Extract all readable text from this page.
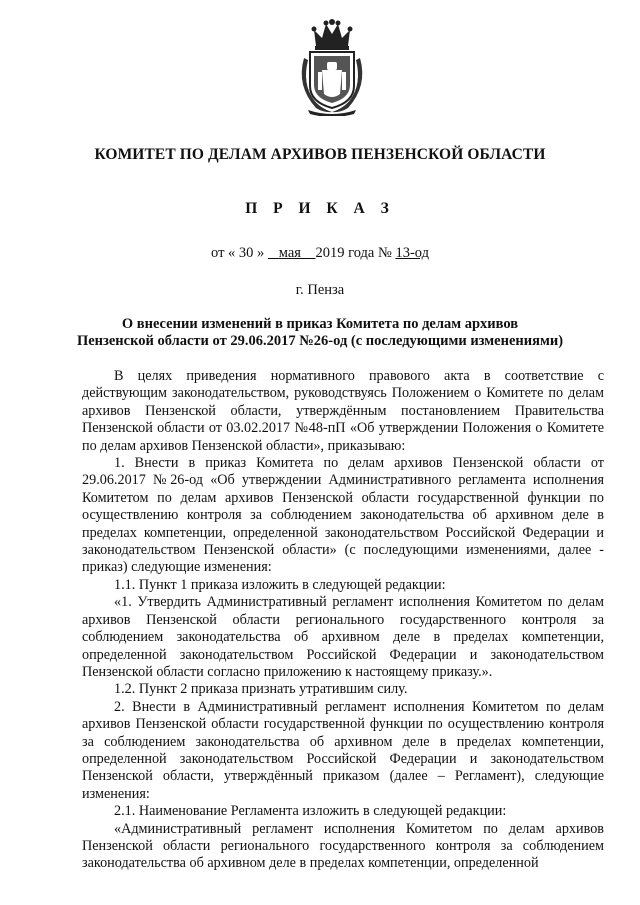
КОМИТЕТ ПО ДЕЛАМ АРХИВОВ ПЕНЗЕНСКОЙ ОБЛАСТИ
П Р И К А З
от « 30 »    мая 2019 года № 13-од
г. Пенза
О внесении изменений в приказ Комитета по делам архивов
Пензенской области от 29.06.2017 №26-од (с последующими изменениями)

В целях приведения нормативного правового акта в соответствие с действующим законодательством, руководствуясь Положением о Комитете по делам архивов Пензенской области, утверждённым постановлением Правительства Пензенской области от 03.02.2017 №48-пП «Об утверждении Положения о Комитете по делам архивов Пензенской области», приказываю:

1. Внести в приказ Комитета по делам архивов Пензенской области от 29.06.2017 №26-од «Об утверждении Административного регламента исполнения Комитетом по делам архивов Пензенской области государственной функции по осуществлению контроля за соблюдением законодательства об архивном деле в пределах компетенции, определенной законодательством Российской Федерации и законодательством Пензенской области» (с последующими изменениями, далее - приказ) следующие изменения:

1.1. Пункт 1 приказа изложить в следующей редакции:

«1. Утвердить Административный регламент исполнения Комитетом по делам архивов Пензенской области регионального государственного контроля за соблюдением законодательства об архивном деле в пределах компетенции, определенной законодательством Российской Федерации и законодательством Пензенской области согласно приложению к настоящему приказу.».

1.2. Пункт 2 приказа признать утратившим силу.

2. Внести в Административный регламент исполнения Комитетом по делам архивов Пензенской области государственной функции по осуществлению контроля за соблюдением законодательства об архивном деле в пределах компетенции, определенной законодательством Российской Федерации и законодательством Пензенской области, утверждённый приказом (далее – Регламент), следующие изменения:

2.1. Наименование Регламента изложить в следующей редакции:

«Административный регламент исполнения Комитетом по делам архивов Пензенской области регионального государственного контроля за соблюдением законодательства об архивном деле в пределах компетенции, определенной
